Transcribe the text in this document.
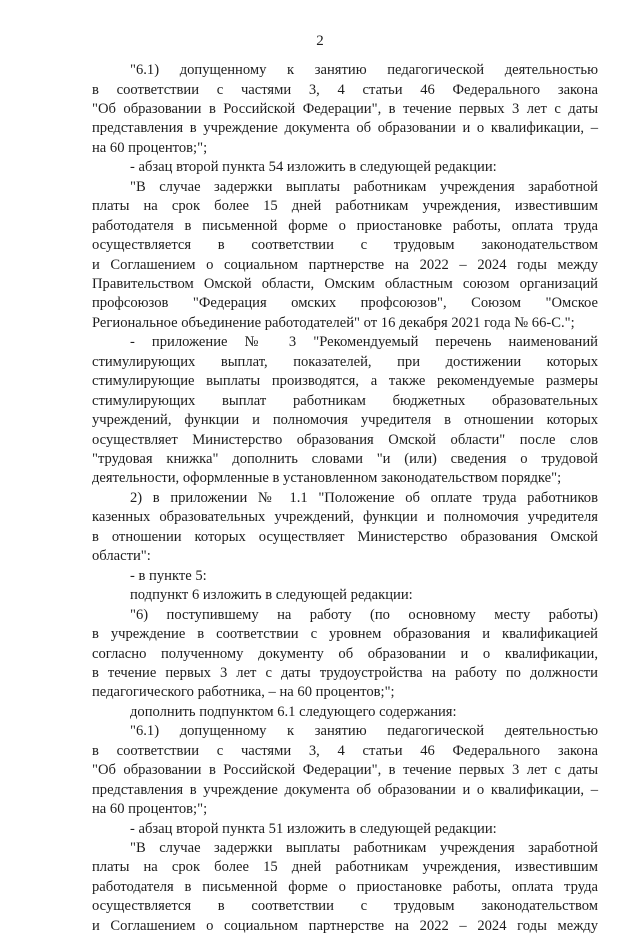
2
"6.1) допущенному к занятию педагогической деятельностью
в соответствии с частями 3, 4 статьи 46 Федерального закона
"Об образовании в Российской Федерации", в течение первых 3 лет с даты
представления в учреждение документа об образовании и о квалификации, –
на 60 процентов;";
- абзац второй пункта 54 изложить в следующей редакции:
"В случае задержки выплаты работникам учреждения заработной
платы на срок более 15 дней работникам учреждения, известившим
работодателя в письменной форме о приостановке работы, оплата труда
осуществляется в соответствии с трудовым законодательством
и Соглашением о социальном партнерстве на 2022 – 2024 годы между
Правительством Омской области, Омским областным союзом организаций
профсоюзов "Федерация омских профсоюзов", Союзом "Омское
Региональное объединение работодателей" от 16 декабря 2021 года № 66-С.";
- приложение № 3 "Рекомендуемый перечень наименований
стимулирующих выплат, показателей, при достижении которых
стимулирующие выплаты производятся, а также рекомендуемые размеры
стимулирующих выплат работникам бюджетных образовательных
учреждений, функции и полномочия учредителя в отношении которых
осуществляет Министерство образования Омской области" после слов
"трудовая книжка" дополнить словами "и (или) сведения о трудовой
деятельности, оформленные в установленном законодательством порядке";
2) в приложении № 1.1 "Положение об оплате труда работников
казенных образовательных учреждений, функции и полномочия учредителя
в отношении которых осуществляет Министерство образования Омской
области":
- в пункте 5:
подпункт 6 изложить в следующей редакции:
"6) поступившему на работу (по основному месту работы)
в учреждение в соответствии с уровнем образования и квалификацией
согласно полученному документу об образовании и о квалификации,
в течение первых 3 лет с даты трудоустройства на работу по должности
педагогического работника, – на 60 процентов;";
дополнить подпунктом 6.1 следующего содержания:
"6.1) допущенному к занятию педагогической деятельностью
в соответствии с частями 3, 4 статьи 46 Федерального закона
"Об образовании в Российской Федерации", в течение первых 3 лет с даты
представления в учреждение документа об образовании и о квалификации, –
на 60 процентов;";
- абзац второй пункта 51 изложить в следующей редакции:
"В случае задержки выплаты работникам учреждения заработной
платы на срок более 15 дней работникам учреждения, известившим
работодателя в письменной форме о приостановке работы, оплата труда
осуществляется в соответствии с трудовым законодательством
и Соглашением о социальном партнерстве на 2022 – 2024 годы между
